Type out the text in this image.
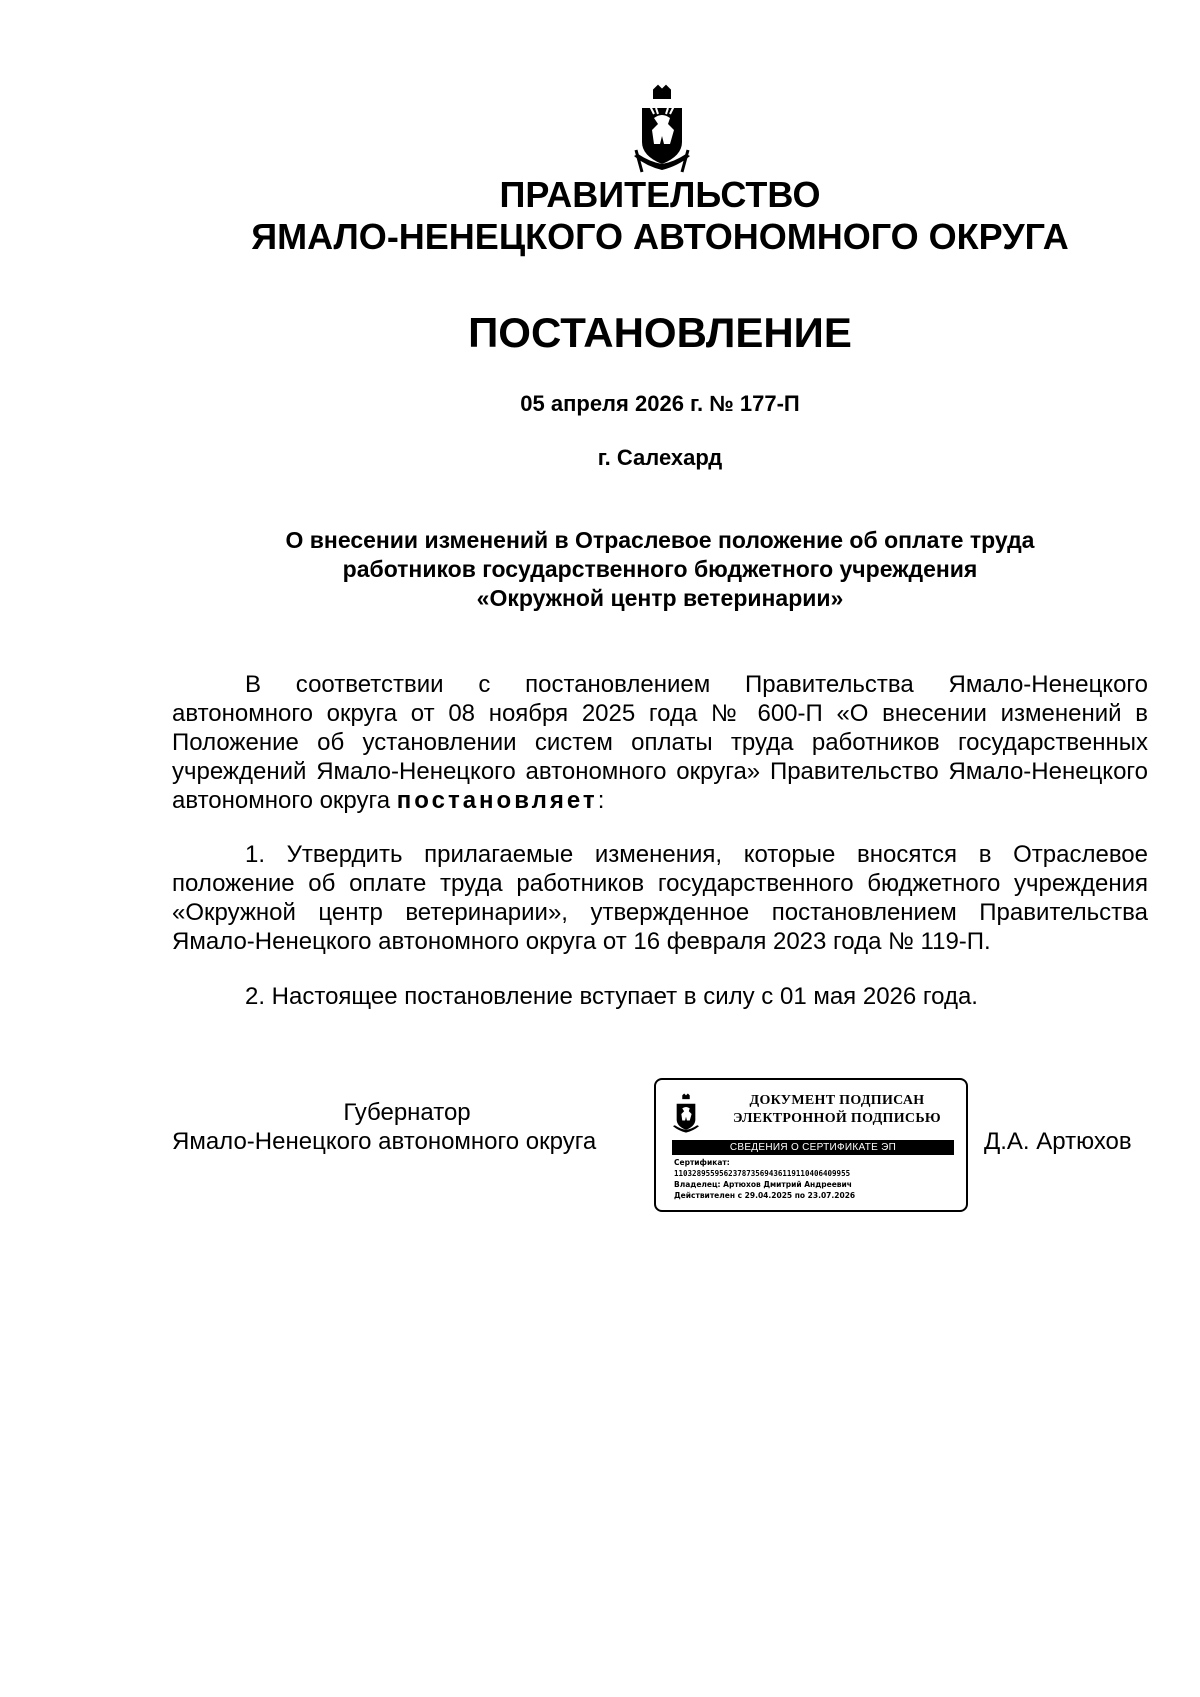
ПРАВИТЕЛЬСТВО
ЯМАЛО-НЕНЕЦКОГО АВТОНОМНОГО ОКРУГА
ПОСТАНОВЛЕНИЕ
05 апреля 2026 г. № 177-П
г. Салехард
О внесении изменений в Отраслевое положение об оплате труда
работников государственного бюджетного учреждения
«Окружной центр ветеринарии»
В соответствии с постановлением Правительства Ямало-Ненецкого автономного округа от 08 ноября 2025 года № 600-П «О внесении изменений в Положение об установлении систем оплаты труда работников государственных учреждений Ямало-Ненецкого автономного округа» Правительство Ямало-Ненецкого автономного округа постановляет:
1. Утвердить прилагаемые изменения, которые вносятся в Отраслевое положение об оплате труда работников государственного бюджетного учреждения «Окружной центр ветеринарии», утвержденное постановлением Правительства Ямало-Ненецкого автономного округа от 16 февраля 2023 года № 119-П.
2. Настоящее постановление вступает в силу с 01 мая 2026 года.
Губернатор
Ямало-Ненецкого автономного округа
ДОКУМЕНТ ПОДПИСАН
ЭЛЕКТРОННОЙ ПОДПИСЬЮ
СВЕДЕНИЯ О СЕРТИФИКАТЕ ЭП
Сертификат:
1103289559562378735694361191104064099​55
Владелец: Артюхов Дмитрий Андреевич
Действителен с 29.04.2025 по 23.07.2026
Д.А. Артюхов
